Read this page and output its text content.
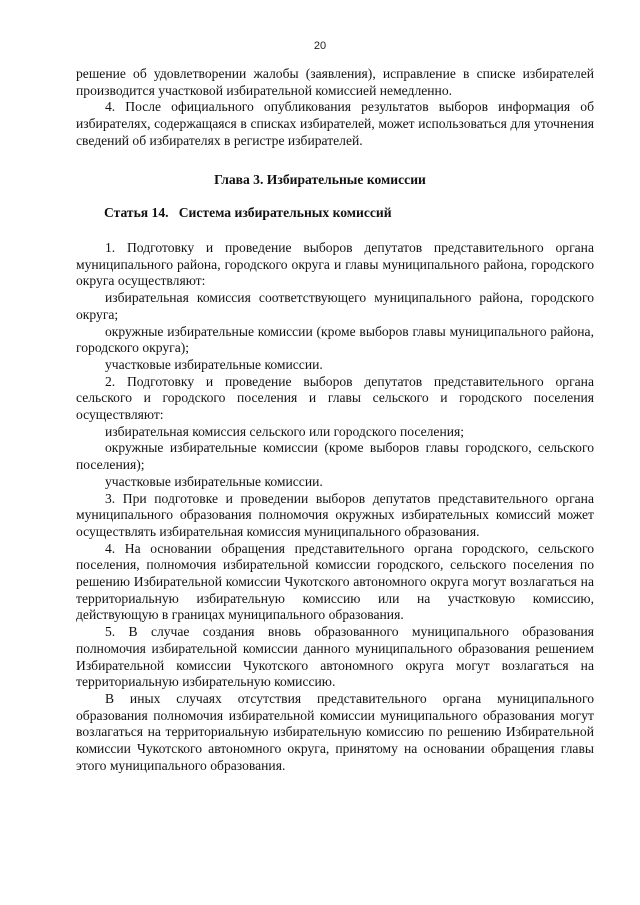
20

решение об удовлетворении жалобы (заявления), исправление в списке избирателей производится участковой избирательной комиссией немедленно.

4. После официального опубликования результатов выборов информация об избирателях, содержащаяся в списках избирателей, может использоваться для уточнения сведений об избирателях в регистре избирателей.

Глава 3. Избирательные комиссии
Статья 14.   Система избирательных комиссий

1. Подготовку и проведение выборов депутатов представительного органа муниципального района, городского округа и главы муниципального района, городского округа осуществляют:

избирательная комиссия соответствующего муниципального района, городского округа;

окружные избирательные комиссии (кроме выборов главы муниципального района, городского округа);

участковые избирательные комиссии.

2. Подготовку и проведение выборов депутатов представительного органа сельского и городского поселения и главы сельского и городского поселения осуществляют:

избирательная комиссия сельского или городского поселения;

окружные избирательные комиссии (кроме выборов главы городского, сельского поселения);

участковые избирательные комиссии.

3. При подготовке и проведении выборов депутатов представительного органа муниципального образования полномочия окружных избирательных комиссий может осуществлять избирательная комиссия муниципального образования.

4. На основании обращения представительного органа городского, сельского поселения, полномочия избирательной комиссии городского, сельского поселения по решению Избирательной комиссии Чукотского автономного округа могут возлагаться на территориальную избирательную комиссию или на участковую комиссию, действующую в границах муниципального образования.

5. В случае создания вновь образованного муниципального образования полномочия избирательной комиссии данного муниципального образования решением Избирательной комиссии Чукотского автономного округа могут возлагаться на территориальную избирательную комиссию.

В иных случаях отсутствия представительного органа муниципального образования полномочия избирательной комиссии муниципального образования могут возлагаться на территориальную избирательную комиссию по решению Избирательной комиссии Чукотского автономного округа, принятому на основании обращения главы этого муниципального образования.
